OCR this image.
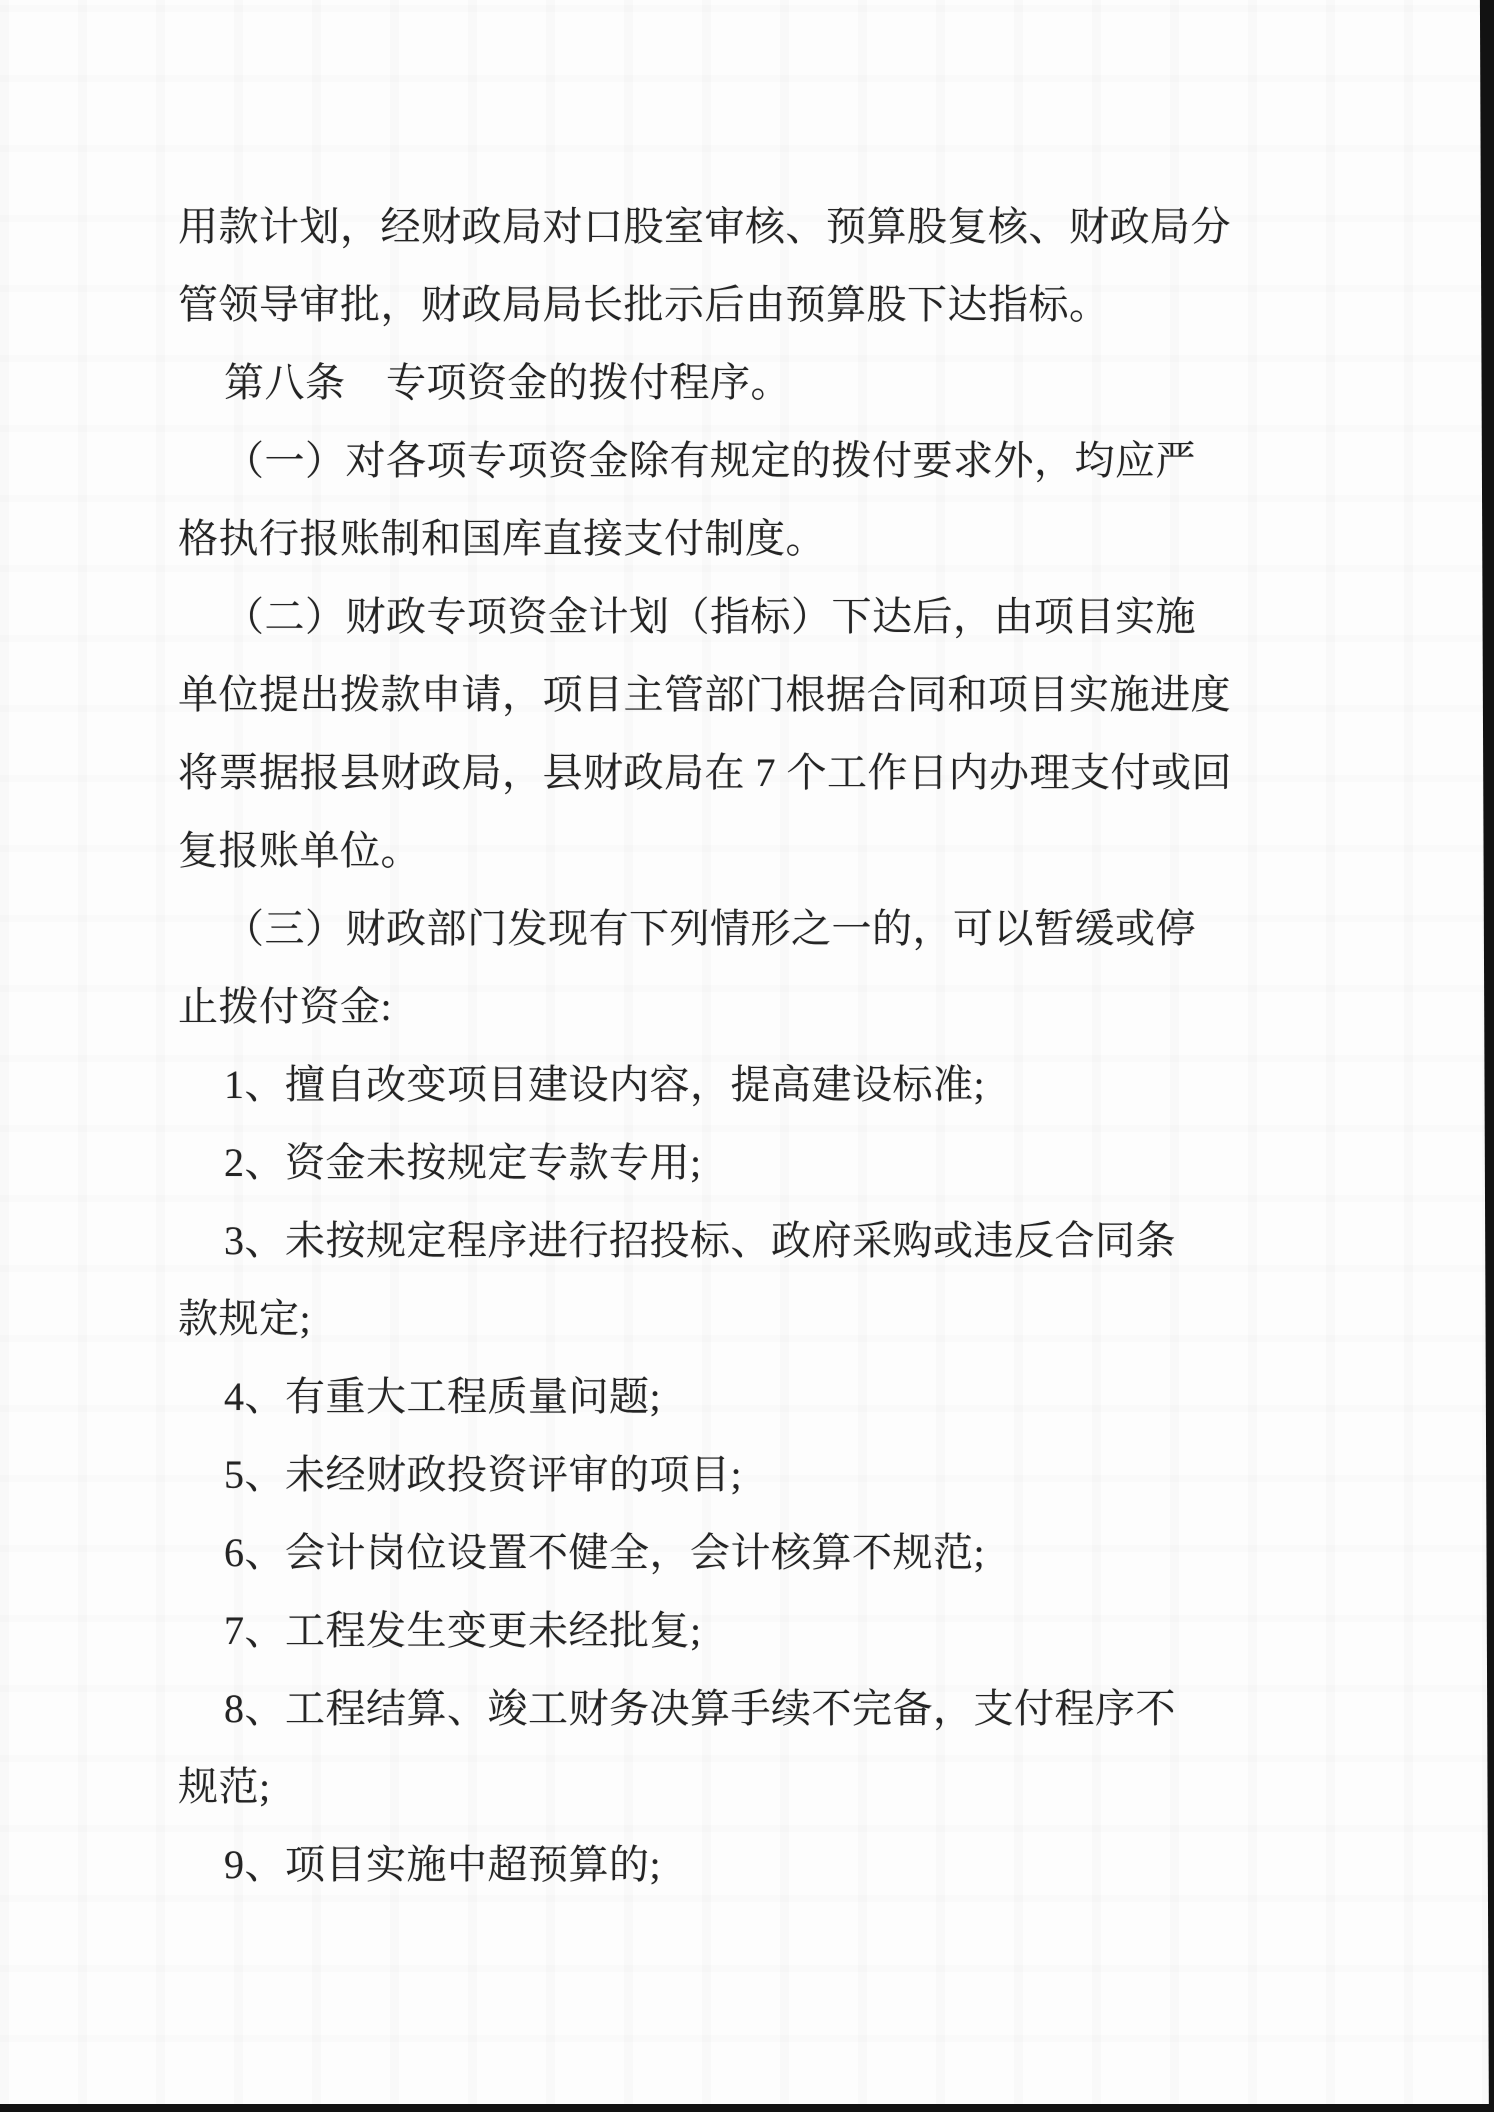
用款计划，经财政局对口股室审核、预算股复核、财政局分
管领导审批，财政局局长批示后由预算股下达指标。
第八条　专项资金的拨付程序。
（一）对各项专项资金除有规定的拨付要求外，均应严
格执行报账制和国库直接支付制度。
（二）财政专项资金计划（指标）下达后，由项目实施
单位提出拨款申请，项目主管部门根据合同和项目实施进度
将票据报县财政局，县财政局在 7 个工作日内办理支付或回
复报账单位。
（三）财政部门发现有下列情形之一的，可以暂缓或停
止拨付资金:
1、擅自改变项目建设内容，提高建设标准;
2、资金未按规定专款专用;
3、未按规定程序进行招投标、政府采购或违反合同条
款规定;
4、有重大工程质量问题;
5、未经财政投资评审的项目;
6、会计岗位设置不健全，会计核算不规范;
7、工程发生变更未经批复;
8、工程结算、竣工财务决算手续不完备，支付程序不
规范;
9、项目实施中超预算的;
